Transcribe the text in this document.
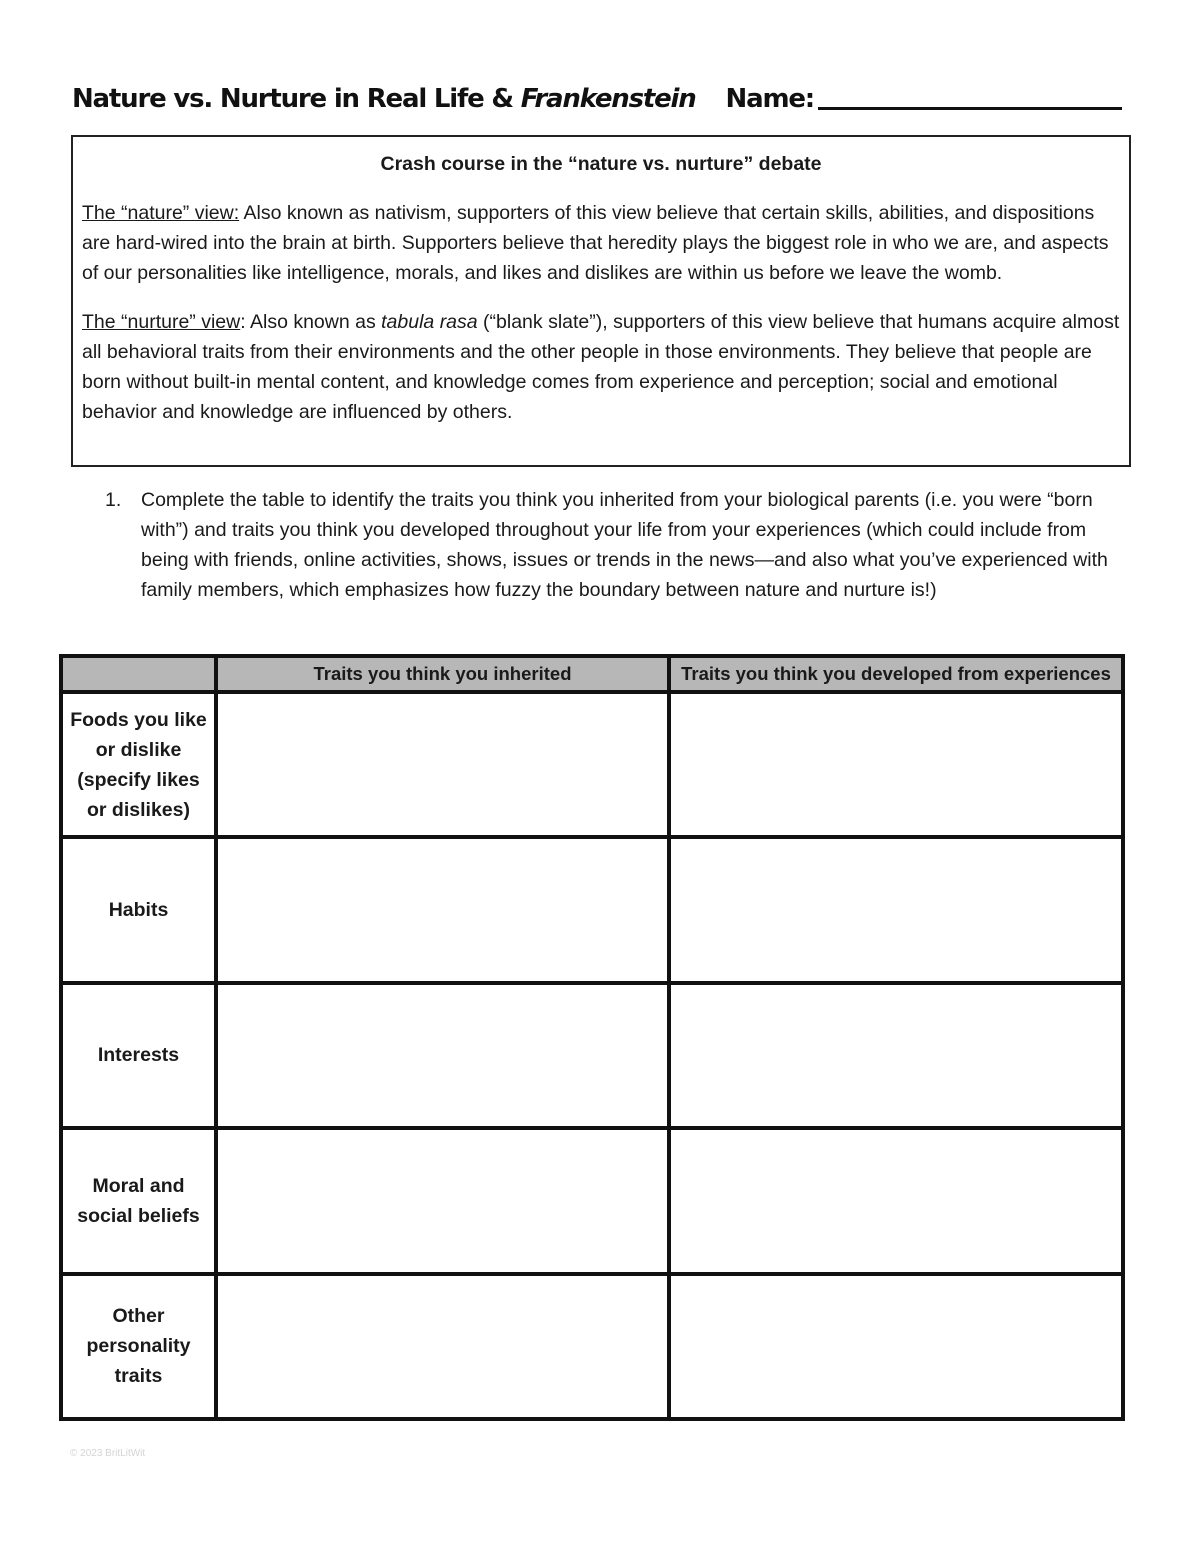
Nature vs. Nurture in Real Life & Frankenstein Name:
Crash course in the “nature vs. nurture” debate

The “nature” view: Also known as nativism, supporters of this view believe that certain skills, abilities, and dispositions are hard-wired into the brain at birth. Supporters believe that heredity plays the biggest role in who we are, and aspects of our personalities like intelligence, morals, and likes and dislikes are within us before we leave the womb.

The “nurture” view: Also known as tabula rasa (“blank slate”), supporters of this view believe that humans acquire almost all behavioral traits from their environments and the other people in those environments. They believe that people are born without built-in mental content, and knowledge comes from experience and perception; social and emotional behavior and knowledge are influenced by others.

1. Complete the table to identify the traits you think you inherited from your biological parents (i.e. you were “born with”) and traits you think you developed throughout your life from your experiences (which could include from being with friends, online activities, shows, issues or trends in the news—and also what you’ve experienced with family members, which emphasizes how fuzzy the boundary between nature and nurture is!)
	Traits you think you inherited	Traits you think you developed from experiences
Foods you like or dislike (specify likes or dislikes)		
Habits		
Interests		
Moral and social beliefs		
Other personality traits		
© 2023 BritLitWit
